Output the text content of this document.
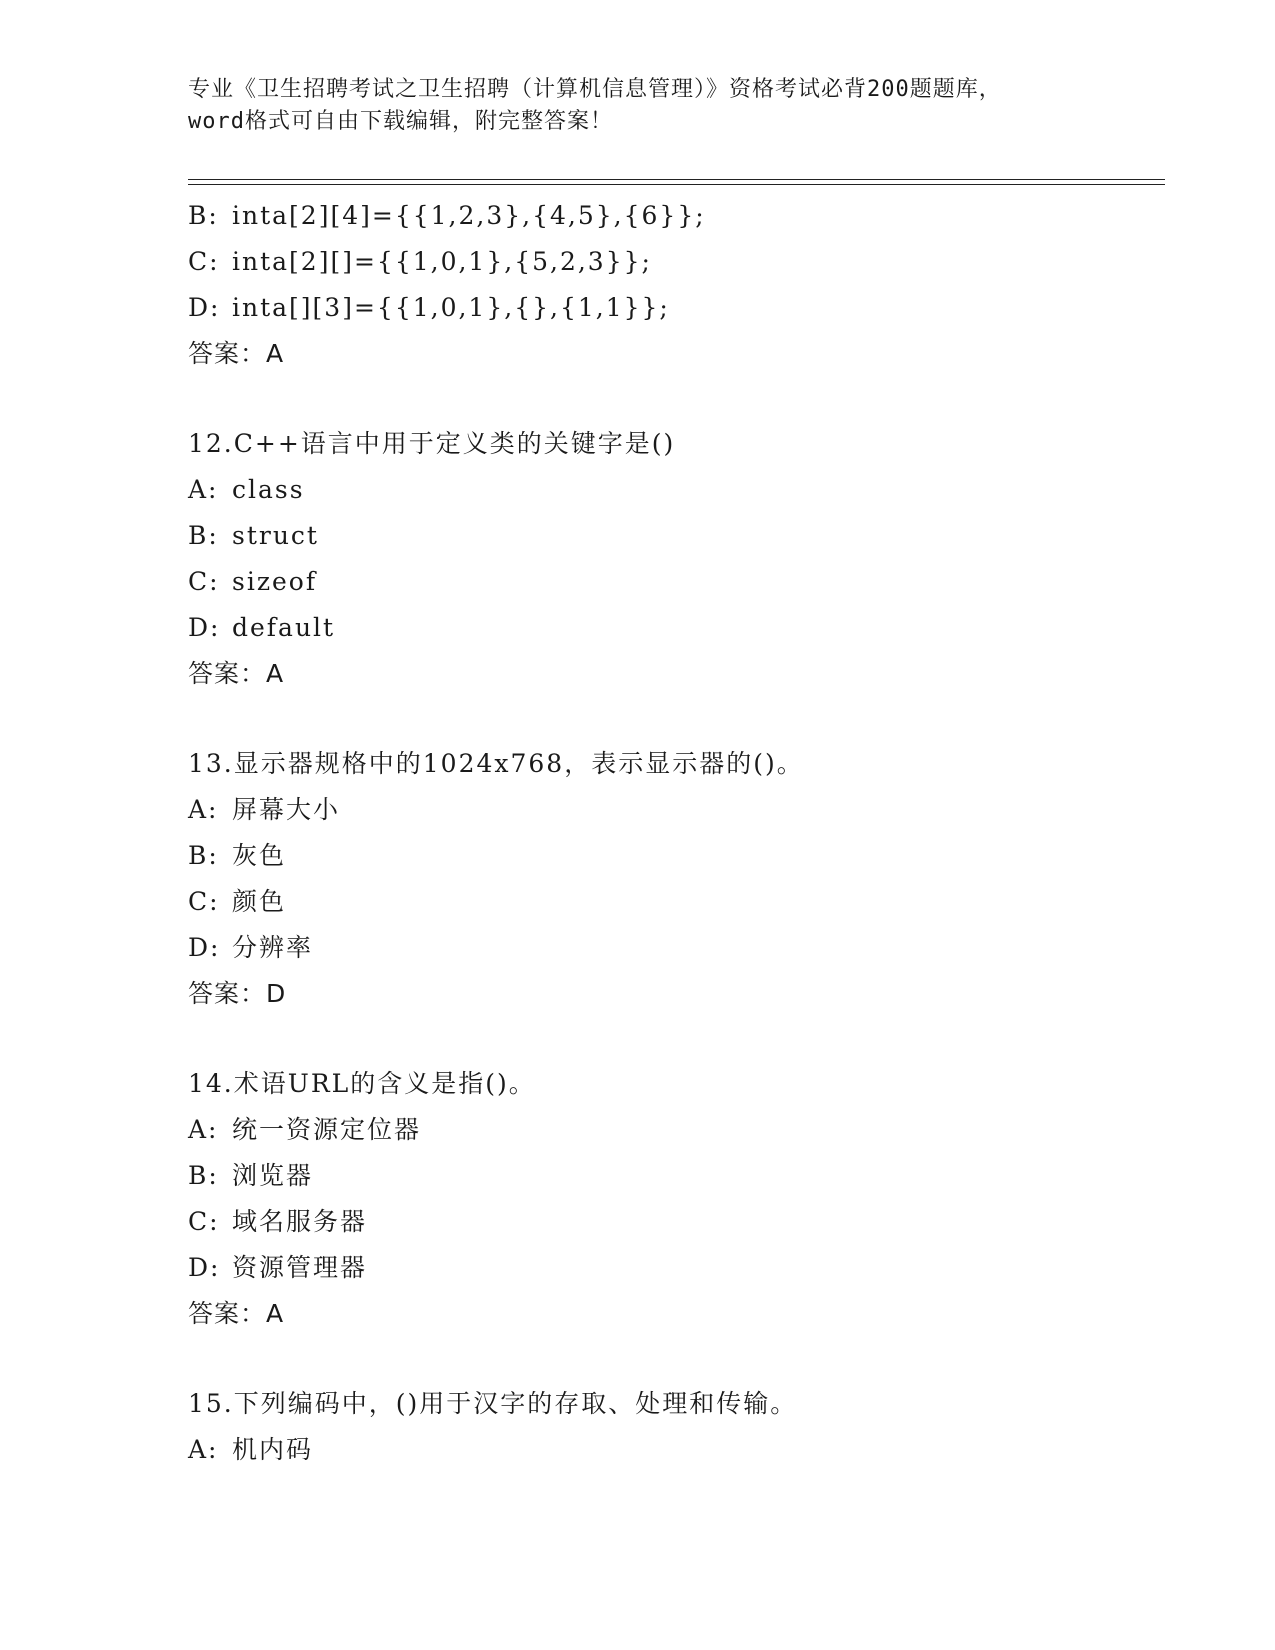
专业《卫生招聘考试之卫生招聘（计算机信息管理）》资格考试必背200题题库，
word格式可自由下载编辑，附完整答案！
B: inta[2][4]={{1,2,3},{4,5},{6}};
C: inta[2][]={{1,0,1},{5,2,3}};
D: inta[][3]={{1,0,1},{},{1,1}};
答案：A
12.C++语言中用于定义类的关键字是()
A: class
B: struct
C: sizeof
D: default
答案：A
13.显示器规格中的1024x768，表示显示器的()。
A: 屏幕大小
B: 灰色
C: 颜色
D: 分辨率
答案：D
14.术语URL的含义是指()。
A: 统一资源定位器
B: 浏览器
C: 域名服务器
D: 资源管理器
答案：A
15.下列编码中，()用于汉字的存取、处理和传输。
A: 机内码
